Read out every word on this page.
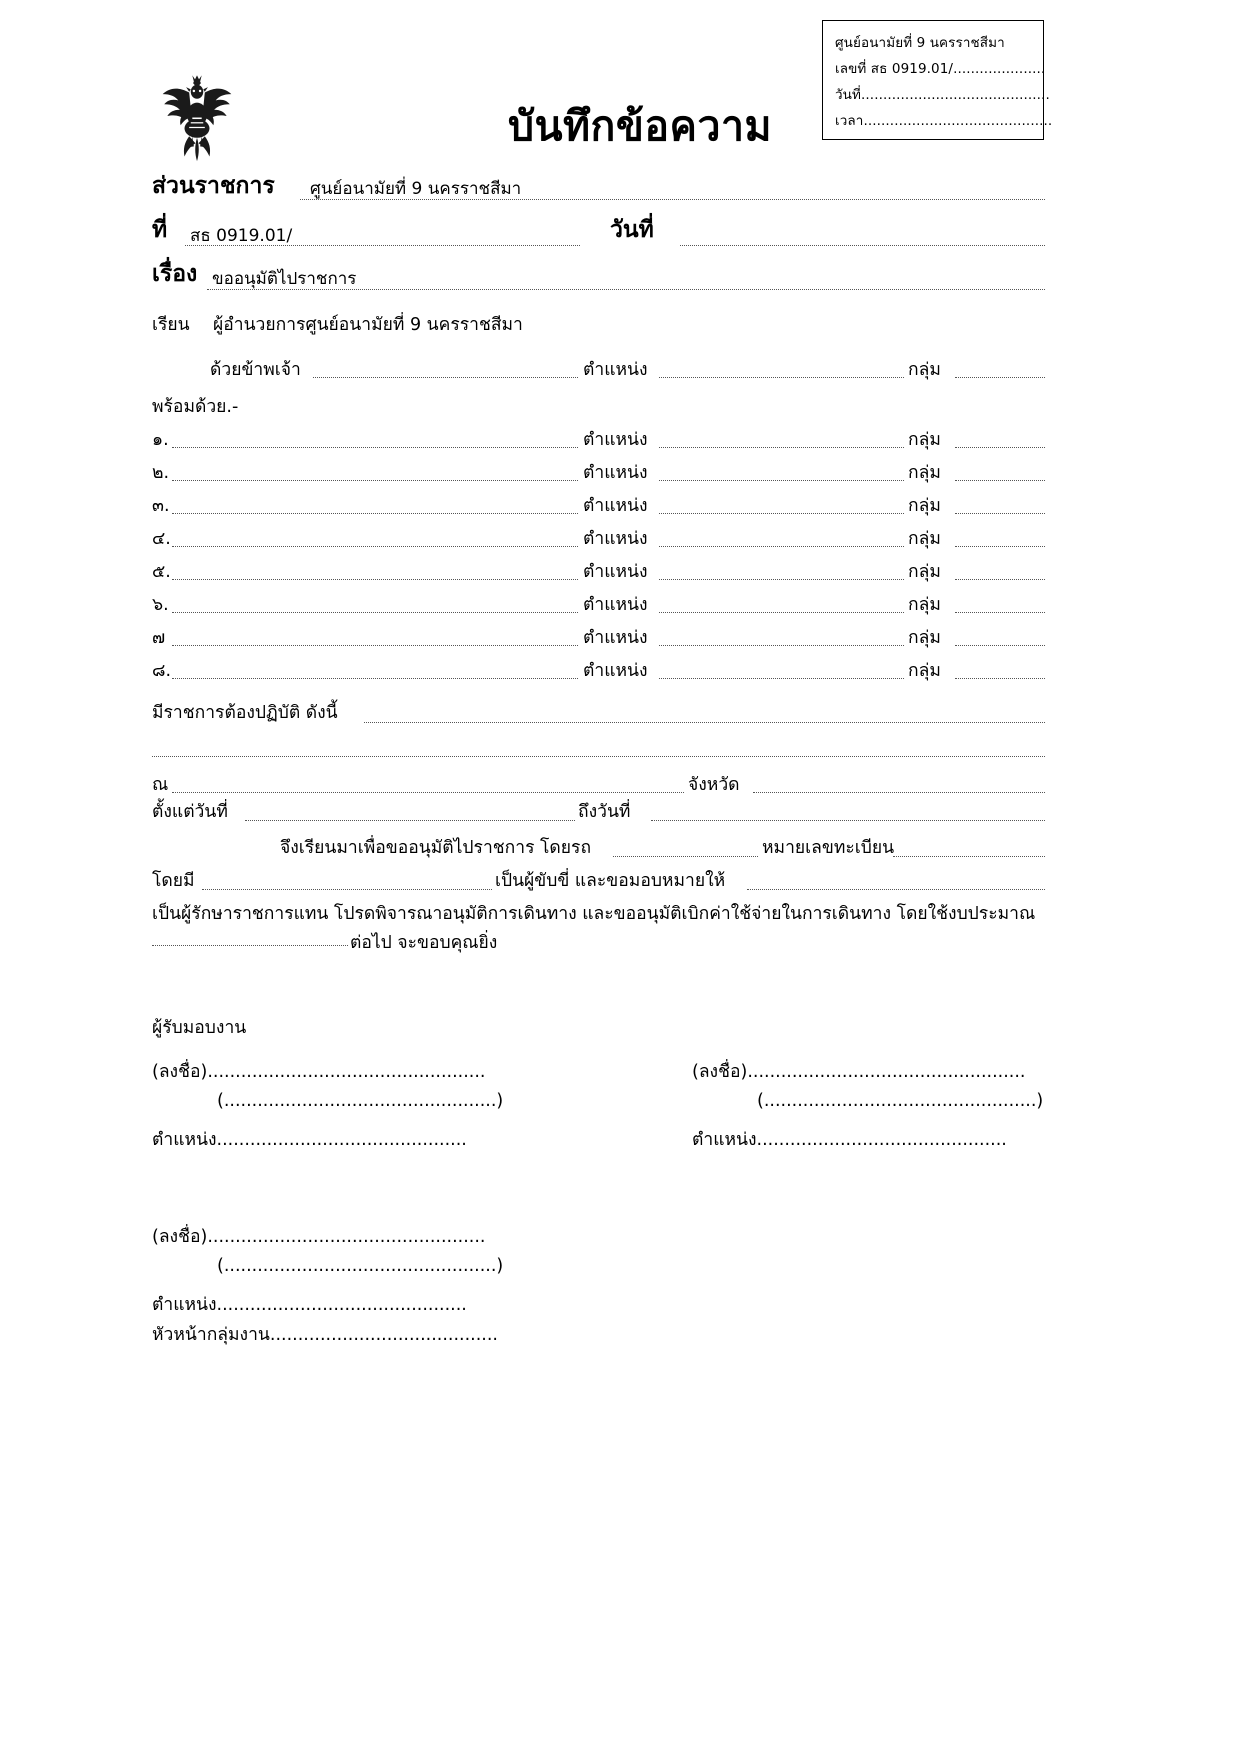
ศูนย์อนามัยที่ 9 นครราชสีมา
เลขที่ สธ 0919.01/.....................
วันที่...........................................
เวลา...........................................
บันทึกข้อความ
ส่วนราชการ ศูนย์อนามัยที่ 9 นครราชสีมา
ที่ สธ 0919.01/	วันที่
เรื่อง ขออนุมัติไปราชการ
เรียน ผู้อำนวยการศูนย์อนามัยที่ 9 นครราชสีมา
ด้วยข้าพเจ้า	ตำแหน่ง	กลุ่ม
พร้อมด้วย.-
๑.	ตำแหน่ง	กลุ่ม
๒.	ตำแหน่ง	กลุ่ม
๓.	ตำแหน่ง	กลุ่ม
๔.	ตำแหน่ง	กลุ่ม
๕.	ตำแหน่ง	กลุ่ม
๖.	ตำแหน่ง	กลุ่ม
๗	ตำแหน่ง	กลุ่ม
๘.	ตำแหน่ง	กลุ่ม
มีราชการต้องปฏิบัติ ดังนี้
ณ	จังหวัด
ตั้งแต่วันที่	ถึงวันที่
จึงเรียนมาเพื่อขออนุมัติไปราชการ โดยรถ	หมายเลขทะเบียน
โดยมี	เป็นผู้ขับขี่ และขอมอบหมายให้
เป็นผู้รักษาราชการแทน โปรดพิจารณาอนุมัติการเดินทาง และขออนุมัติเบิกค่าใช้จ่ายในการเดินทาง โดยใช้งบประมาณ
ต่อไป จะขอบคุณยิ่ง
ผู้รับมอบงาน
(ลงชื่อ)..................................................
(.................................................)
ตำแหน่ง.............................................
(ลงชื่อ)..................................................
(.................................................)
ตำแหน่ง.............................................
(ลงชื่อ)..................................................
(.................................................)
ตำแหน่ง.............................................
หัวหน้ากลุ่มงาน.........................................
